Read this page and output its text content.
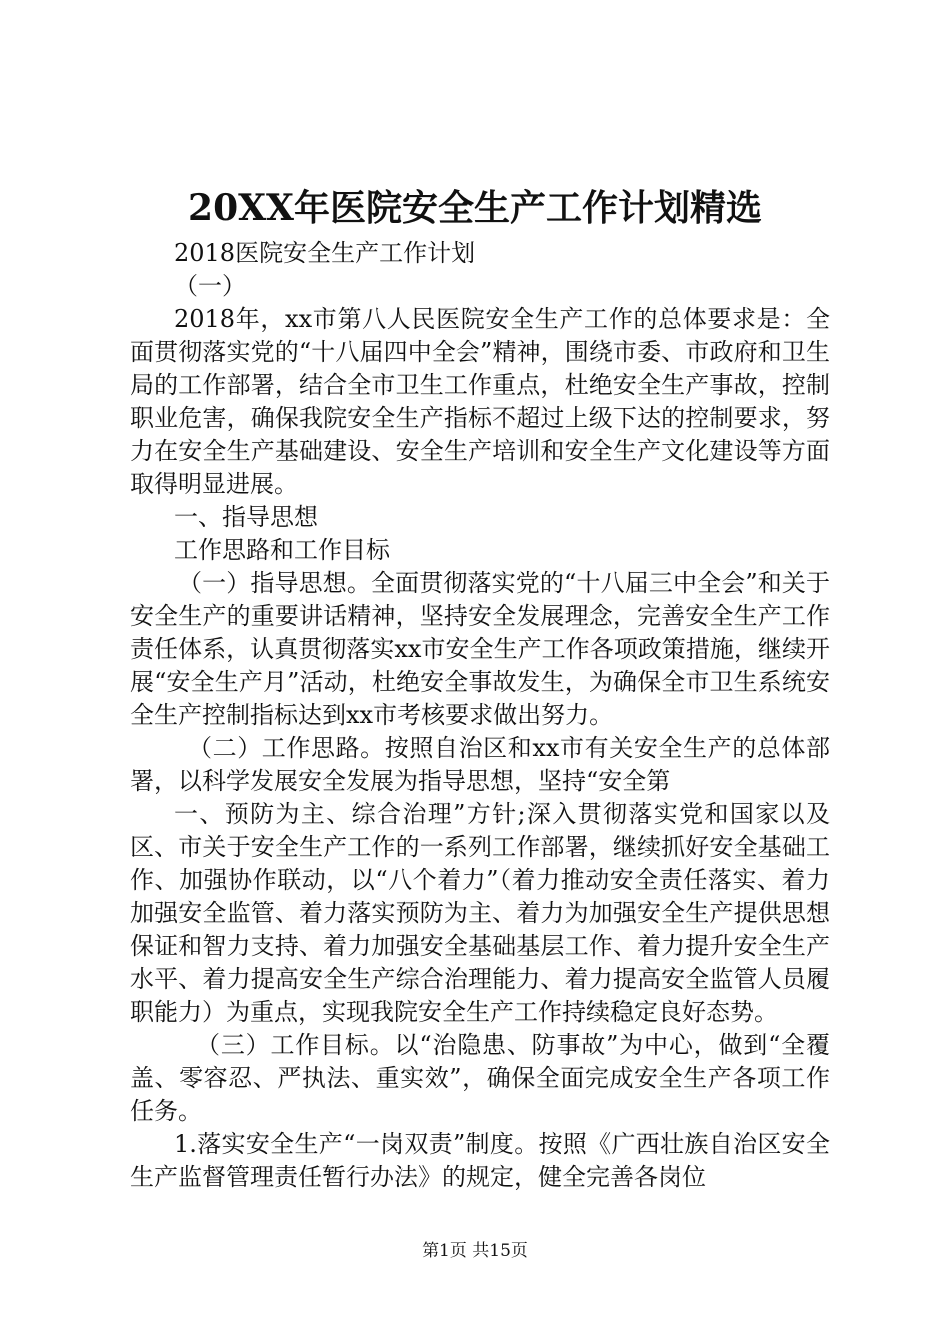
20XX年医院安全生产工作计划精选

2018医院安全生产工作计划

（一）

2018年，xx市第八人民医院安全生产工作的总体要求是：全面贯彻落实党的“十八届四中全会”精神，围绕市委、市政府和卫生局的工作部署，结合全市卫生工作重点，杜绝安全生产事故，控制职业危害，确保我院安全生产指标不超过上级下达的控制要求，努力在安全生产基础建设、安全生产培训和安全生产文化建设等方面取得明显进展。

一、指导思想

工作思路和工作目标

（一）指导思想。全面贯彻落实党的“十八届三中全会”和关于安全生产的重要讲话精神，坚持安全发展理念，完善安全生产工作责任体系，认真贯彻落实xx市安全生产工作各项政策措施，继续开展“安全生产月”活动，杜绝安全事故发生，为确保全市卫生系统安全生产控制指标达到xx市考核要求做出努力。

（二）工作思路。按照自治区和xx市有关安全生产的总体部署，以科学发展安全发展为指导思想，坚持“安全第

一、预防为主、综合治理”方针;深入贯彻落实党和国家以及区、市关于安全生产工作的一系列工作部署，继续抓好安全基础工作、加强协作联动，以“八个着力”（着力推动安全责任落实、着力加强安全监管、着力落实预防为主、着力为加强安全生产提供思想保证和智力支持、着力加强安全基础基层工作、着力提升安全生产水平、着力提高安全生产综合治理能力、着力提高安全监管人员履职能力）为重点，实现我院安全生产工作持续稳定良好态势。

（三）工作目标。以“治隐患、防事故”为中心，做到“全覆盖、零容忍、严执法、重实效”，确保全面完成安全生产各项工作任务。

1.落实安全生产“一岗双责”制度。按照《广西壮族自治区安全生产监督管理责任暂行办法》的规定，健全完善各岗位

第1页 共15页
